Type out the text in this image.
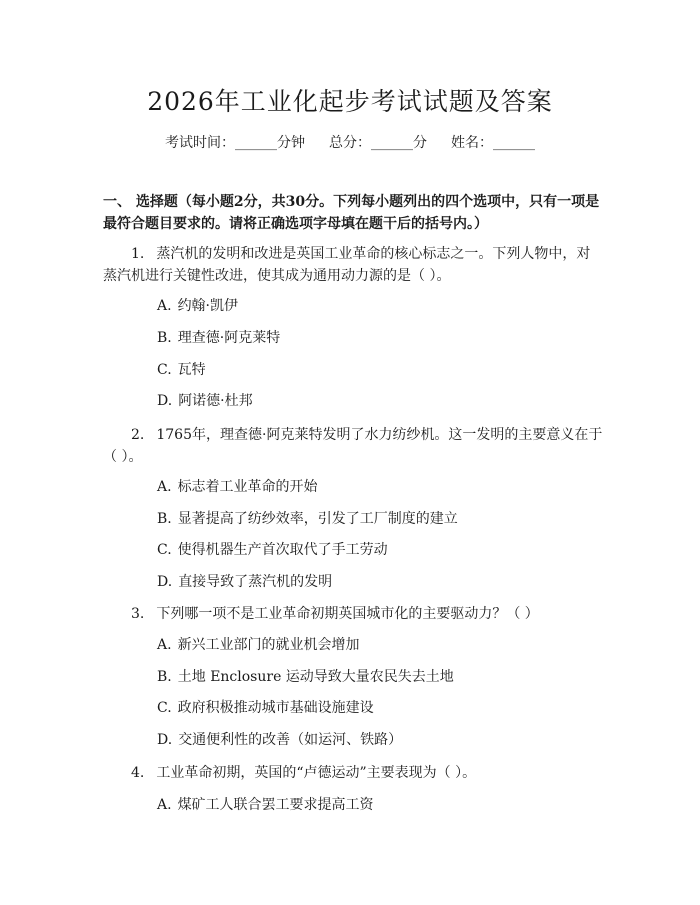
2026年工业化起步考试试题及答案
考试时间：______分钟 总分：______分 姓名：______
一、 选择题（每小题2分，共30分。下列每小题列出的四个选项中，只有一项是最符合题目要求的。请将正确选项字母填在题干后的括号内。）
1. 蒸汽机的发明和改进是英国工业革命的核心标志之一。下列人物中，对蒸汽机进行关键性改进，使其成为通用动力源的是（ ）。
A. 约翰·凯伊
B. 理查德·阿克莱特
C. 瓦特
D. 阿诺德·杜邦
2. 1765年，理查德·阿克莱特发明了水力纺纱机。这一发明的主要意义在于（ ）。
A. 标志着工业革命的开始
B. 显著提高了纺纱效率，引发了工厂制度的建立
C. 使得机器生产首次取代了手工劳动
D. 直接导致了蒸汽机的发明
3. 下列哪一项不是工业革命初期英国城市化的主要驱动力？（ ）
A. 新兴工业部门的就业机会增加
B. 土地 Enclosure 运动导致大量农民失去土地
C. 政府积极推动城市基础设施建设
D. 交通便利性的改善（如运河、铁路）
4. 工业革命初期，英国的“卢德运动”主要表现为（ ）。
A. 煤矿工人联合罢工要求提高工资
